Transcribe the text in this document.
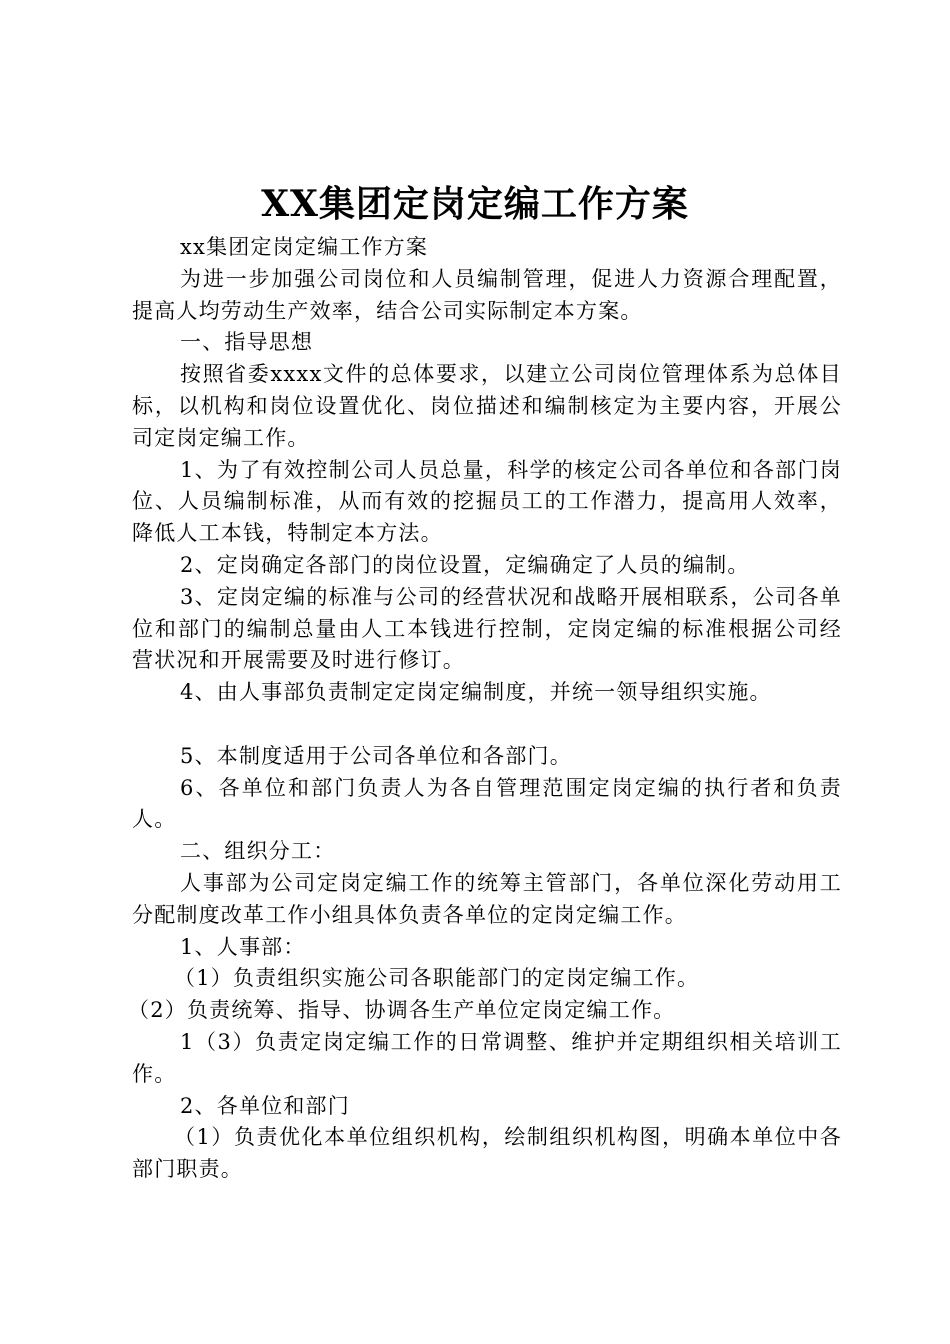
XX集团定岗定编工作方案

xx集团定岗定编工作方案

为进一步加强公司岗位和人员编制管理，促进人力资源合理配置，提高人均劳动生产效率，结合公司实际制定本方案。

一、指导思想

按照省委xxxx文件的总体要求，以建立公司岗位管理体系为总体目标，以机构和岗位设置优化、岗位描述和编制核定为主要内容，开展公司定岗定编工作。

1、为了有效控制公司人员总量，科学的核定公司各单位和各部门岗位、人员编制标准，从而有效的挖掘员工的工作潜力，提高用人效率，降低人工本钱，特制定本方法。

2、定岗确定各部门的岗位设置，定编确定了人员的编制。

3、定岗定编的标准与公司的经营状况和战略开展相联系，公司各单位和部门的编制总量由人工本钱进行控制，定岗定编的标准根据公司经营状况和开展需要及时进行修订。

4、由人事部负责制定定岗定编制度，并统一领导组织实施。

5、本制度适用于公司各单位和各部门。

6、各单位和部门负责人为各自管理范围定岗定编的执行者和负责人。

二、组织分工：

人事部为公司定岗定编工作的统筹主管部门，各单位深化劳动用工分配制度改革工作小组具体负责各单位的定岗定编工作。

1、人事部：

（1）负责组织实施公司各职能部门的定岗定编工作。

（2）负责统筹、指导、协调各生产单位定岗定编工作。

1（3）负责定岗定编工作的日常调整、维护并定期组织相关培训工作。

2、各单位和部门

（1）负责优化本单位组织机构，绘制组织机构图，明确本单位中各部门职责。
